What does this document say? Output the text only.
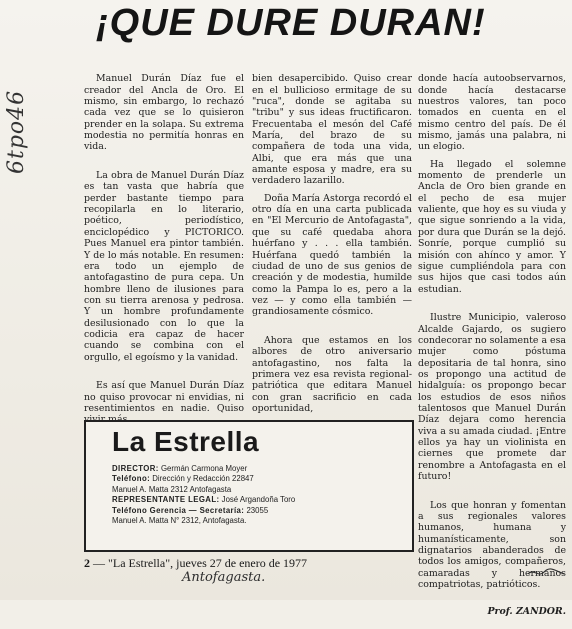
¡QUE DURE DURAN!
6tpo46

Manuel Durán Díaz fue el creador del Ancla de Oro. El mismo, sin embargo, lo rechazó cada vez que se lo quisieron prender en la solapa. Su extrema modestia no permitía honras en vida.

La obra de Manuel Durán Díaz es tan vasta que habría que perder bastante tiempo para recopilarla en lo literario, poético, periodístico, enciclopédico y PICTORICO. Pues Manuel era pintor también. Y de lo más notable. En resumen: era todo un ejemplo de antofagastino de pura cepa. Un hombre lleno de ilusiones para con su tierra arenosa y pedrosa. Y un hombre profundamente desilusionado con lo que la codicia era capaz de hacer cuando se combina con el orgullo, el egoísmo y la vanidad.

Es así que Manuel Durán Díaz no quiso provocar ni envidias, ni resentimientos en nadie. Quiso

bien desapercibido. Quiso crear en el bullicioso ermitage de su "ruca", donde se agitaba su "tribu" y sus ideas fructificaron. Frecuentaba el mesón del Café María, del brazo de su compañera de toda una vida, Albi, que era más que una amante esposa y madre, era su verdadero lazarillo.

Doña María Astorga recordó el otro día en una carta publicada en "El Mercurio de Antofagasta", que su café quedaba ahora huérfano y . . . ella también. Huérfana quedó también la ciudad de uno de sus genios de creación y de modestia, humilde como la Pampa lo es, pero a la vez — y como ella también — grandiosamente cósmico.

Ahora que estamos en los albores de otro aniversario antofagastino, nos falta la primera vez esa revista regional-patriótica que editara Manuel con gran sacrificio en cada oportunidad,

donde hacía autoobservarnos, donde hacía destacarse nuestros valores, tan poco tomados en cuenta en el mismo centro del país. De él mismo, jamás una palabra, ni un elogio.

Ha llegado el solemne momento de prenderle un Ancla de Oro bien grande en el pecho de esa mujer valiente, que hoy es su viuda y que sigue sonriendo a la vida, por dura que Durán se la dejó. Sonríe, porque cumplió su misión con ahínco y amor. Y sigue cumpliéndola para con sus hijos que casi todos aún estudian.

Ilustre Municipio, valeroso Alcalde Gajardo, os sugiero condecorar no solamente a esa mujer como póstuma depositaria de tal honra, sino os propongo una actitud de hidalguía: os propongo becar los estudios de esos niños talentosos que Manuel Durán Díaz dejara como herencia viva a su amada ciudad. ¡Entre ellos ya hay un violinista en ciernes que promete dar renombre a Antofagasta en el futuro!

Los que honran y fomentan a sus regionales valores humanos, humana y humanísticamente, son dignatarios abanderados de todos los amigos, compañeros, camaradas y hermanos compatriotas, patrióticos.

Prof. ZANDOR.

La Estrella
DIRECTOR: Germán Carmona Moyer
Teléfono: Dirección y Redacción 22847
Manuel A. Matta 2312 Antofagasta
REPRESENTANTE LEGAL: José Argandoña Toro
Teléfono Gerencia — Secretaría: 23055
Manuel A. Matta N° 2312, Antofagasta.
2 — "La Estrella", jueves 27 de enero de 1977
Antofagasta.
